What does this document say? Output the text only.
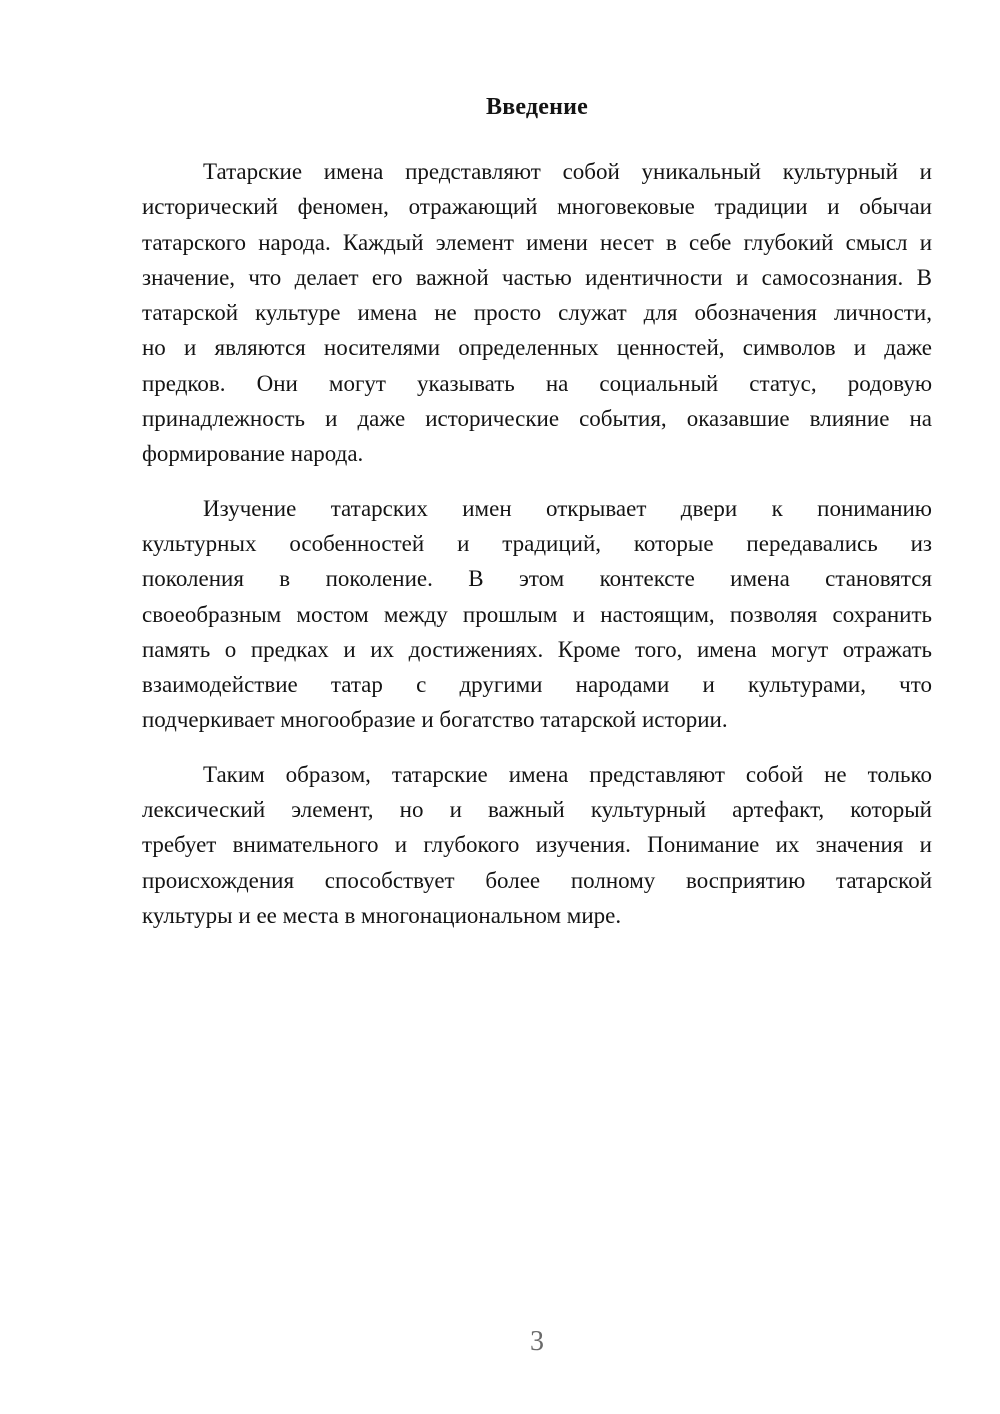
Введение
Татарские имена представляют собой уникальный культурный и
исторический феномен, отражающий многовековые традиции и обычаи
татарского народа. Каждый элемент имени несет в себе глубокий смысл и
значение, что делает его важной частью идентичности и самосознания. В
татарской культуре имена не просто служат для обозначения личности,
но и являются носителями определенных ценностей, символов и даже
предков. Они могут указывать на социальный статус, родовую
принадлежность и даже исторические события, оказавшие влияние на
формирование народа.
Изучение татарских имен открывает двери к пониманию
культурных особенностей и традиций, которые передавались из
поколения в поколение. В этом контексте имена становятся
своеобразным мостом между прошлым и настоящим, позволяя сохранить
память о предках и их достижениях. Кроме того, имена могут отражать
взаимодействие татар с другими народами и культурами, что
подчеркивает многообразие и богатство татарской истории.
Таким образом, татарские имена представляют собой не только
лексический элемент, но и важный культурный артефакт, который
требует внимательного и глубокого изучения. Понимание их значения и
происхождения способствует более полному восприятию татарской
культуры и ее места в многонациональном мире.
3
